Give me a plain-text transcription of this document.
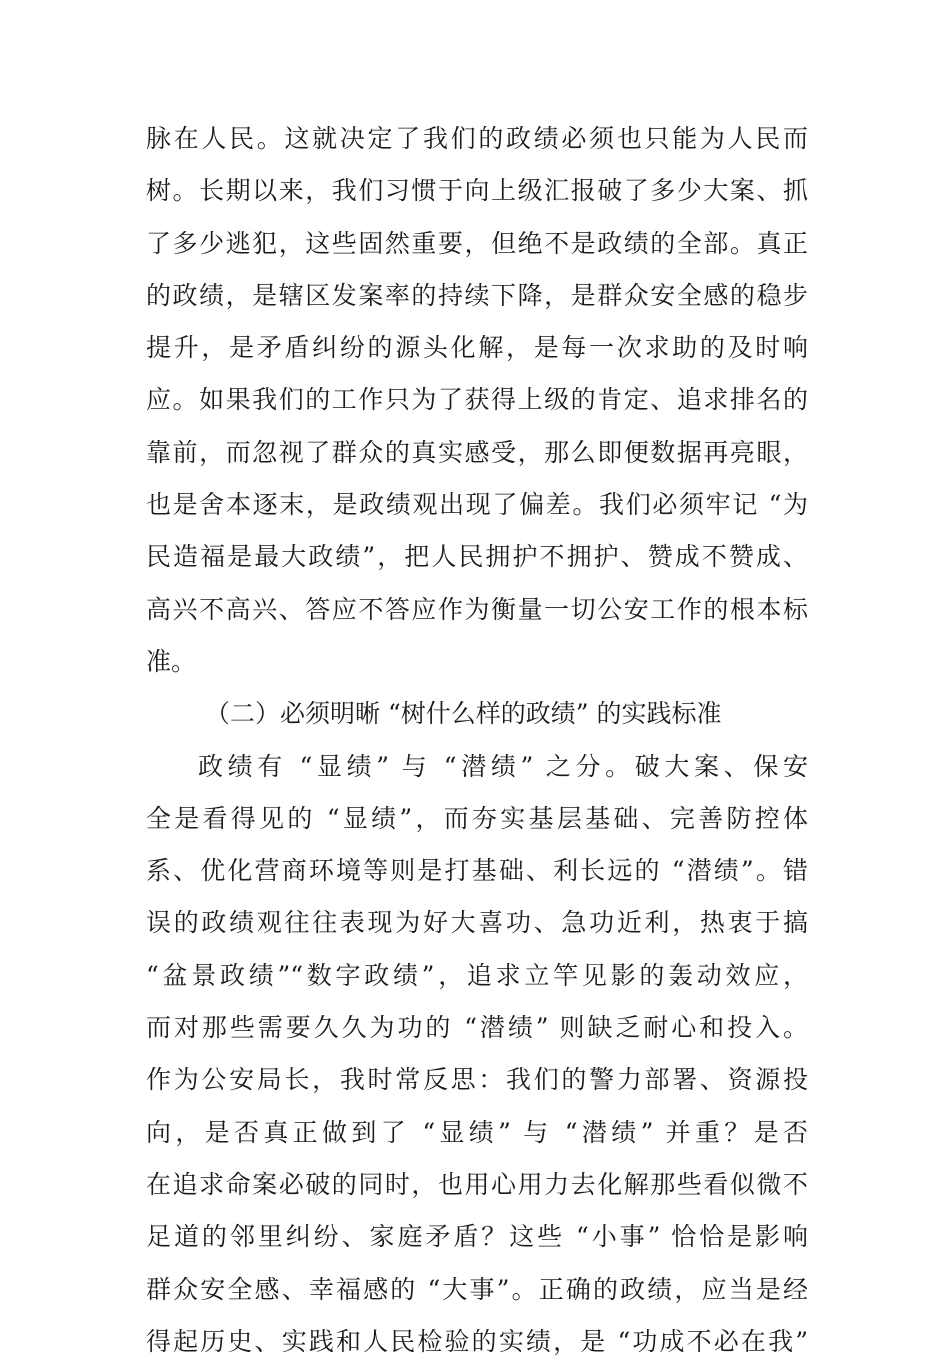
脉在人民。这就决定了我们的政绩必须也只能为人民而
树。长期以来，我们习惯于向上级汇报破了多少大案、抓
了多少逃犯，这些固然重要，但绝不是政绩的全部。真正
的政绩，是辖区发案率的持续下降，是群众安全感的稳步
提升，是矛盾纠纷的源头化解，是每一次求助的及时响
应。如果我们的工作只为了获得上级的肯定、追求排名的
靠前，而忽视了群众的真实感受，那么即便数据再亮眼，
也是舍本逐末，是政绩观出现了偏差。我们必须牢记 “为
民造福是最大政绩”，把人民拥护不拥护、赞成不赞成、
高兴不高兴、答应不答应作为衡量一切公安工作的根本标
准。
（二）必须明晰 “树什么样的政绩” 的实践标准
政绩有 “显绩” 与 “潜绩” 之分。破大案、保安
全是看得见的 “显绩”，而夯实基层基础、完善防控体
系、优化营商环境等则是打基础、利长远的 “潜绩”。错
误的政绩观往往表现为好大喜功、急功近利，热衷于搞
“盆景政绩”“数字政绩”，追求立竿见影的轰动效应，
而对那些需要久久为功的 “潜绩” 则缺乏耐心和投入。
作为公安局长，我时常反思：我们的警力部署、资源投
向，是否真正做到了 “显绩” 与 “潜绩” 并重？是否
在追求命案必破的同时，也用心用力去化解那些看似微不
足道的邻里纠纷、家庭矛盾？这些 “小事” 恰恰是影响
群众安全感、幸福感的 “大事”。正确的政绩，应当是经
得起历史、实践和人民检验的实绩，是 “功成不必在我”
